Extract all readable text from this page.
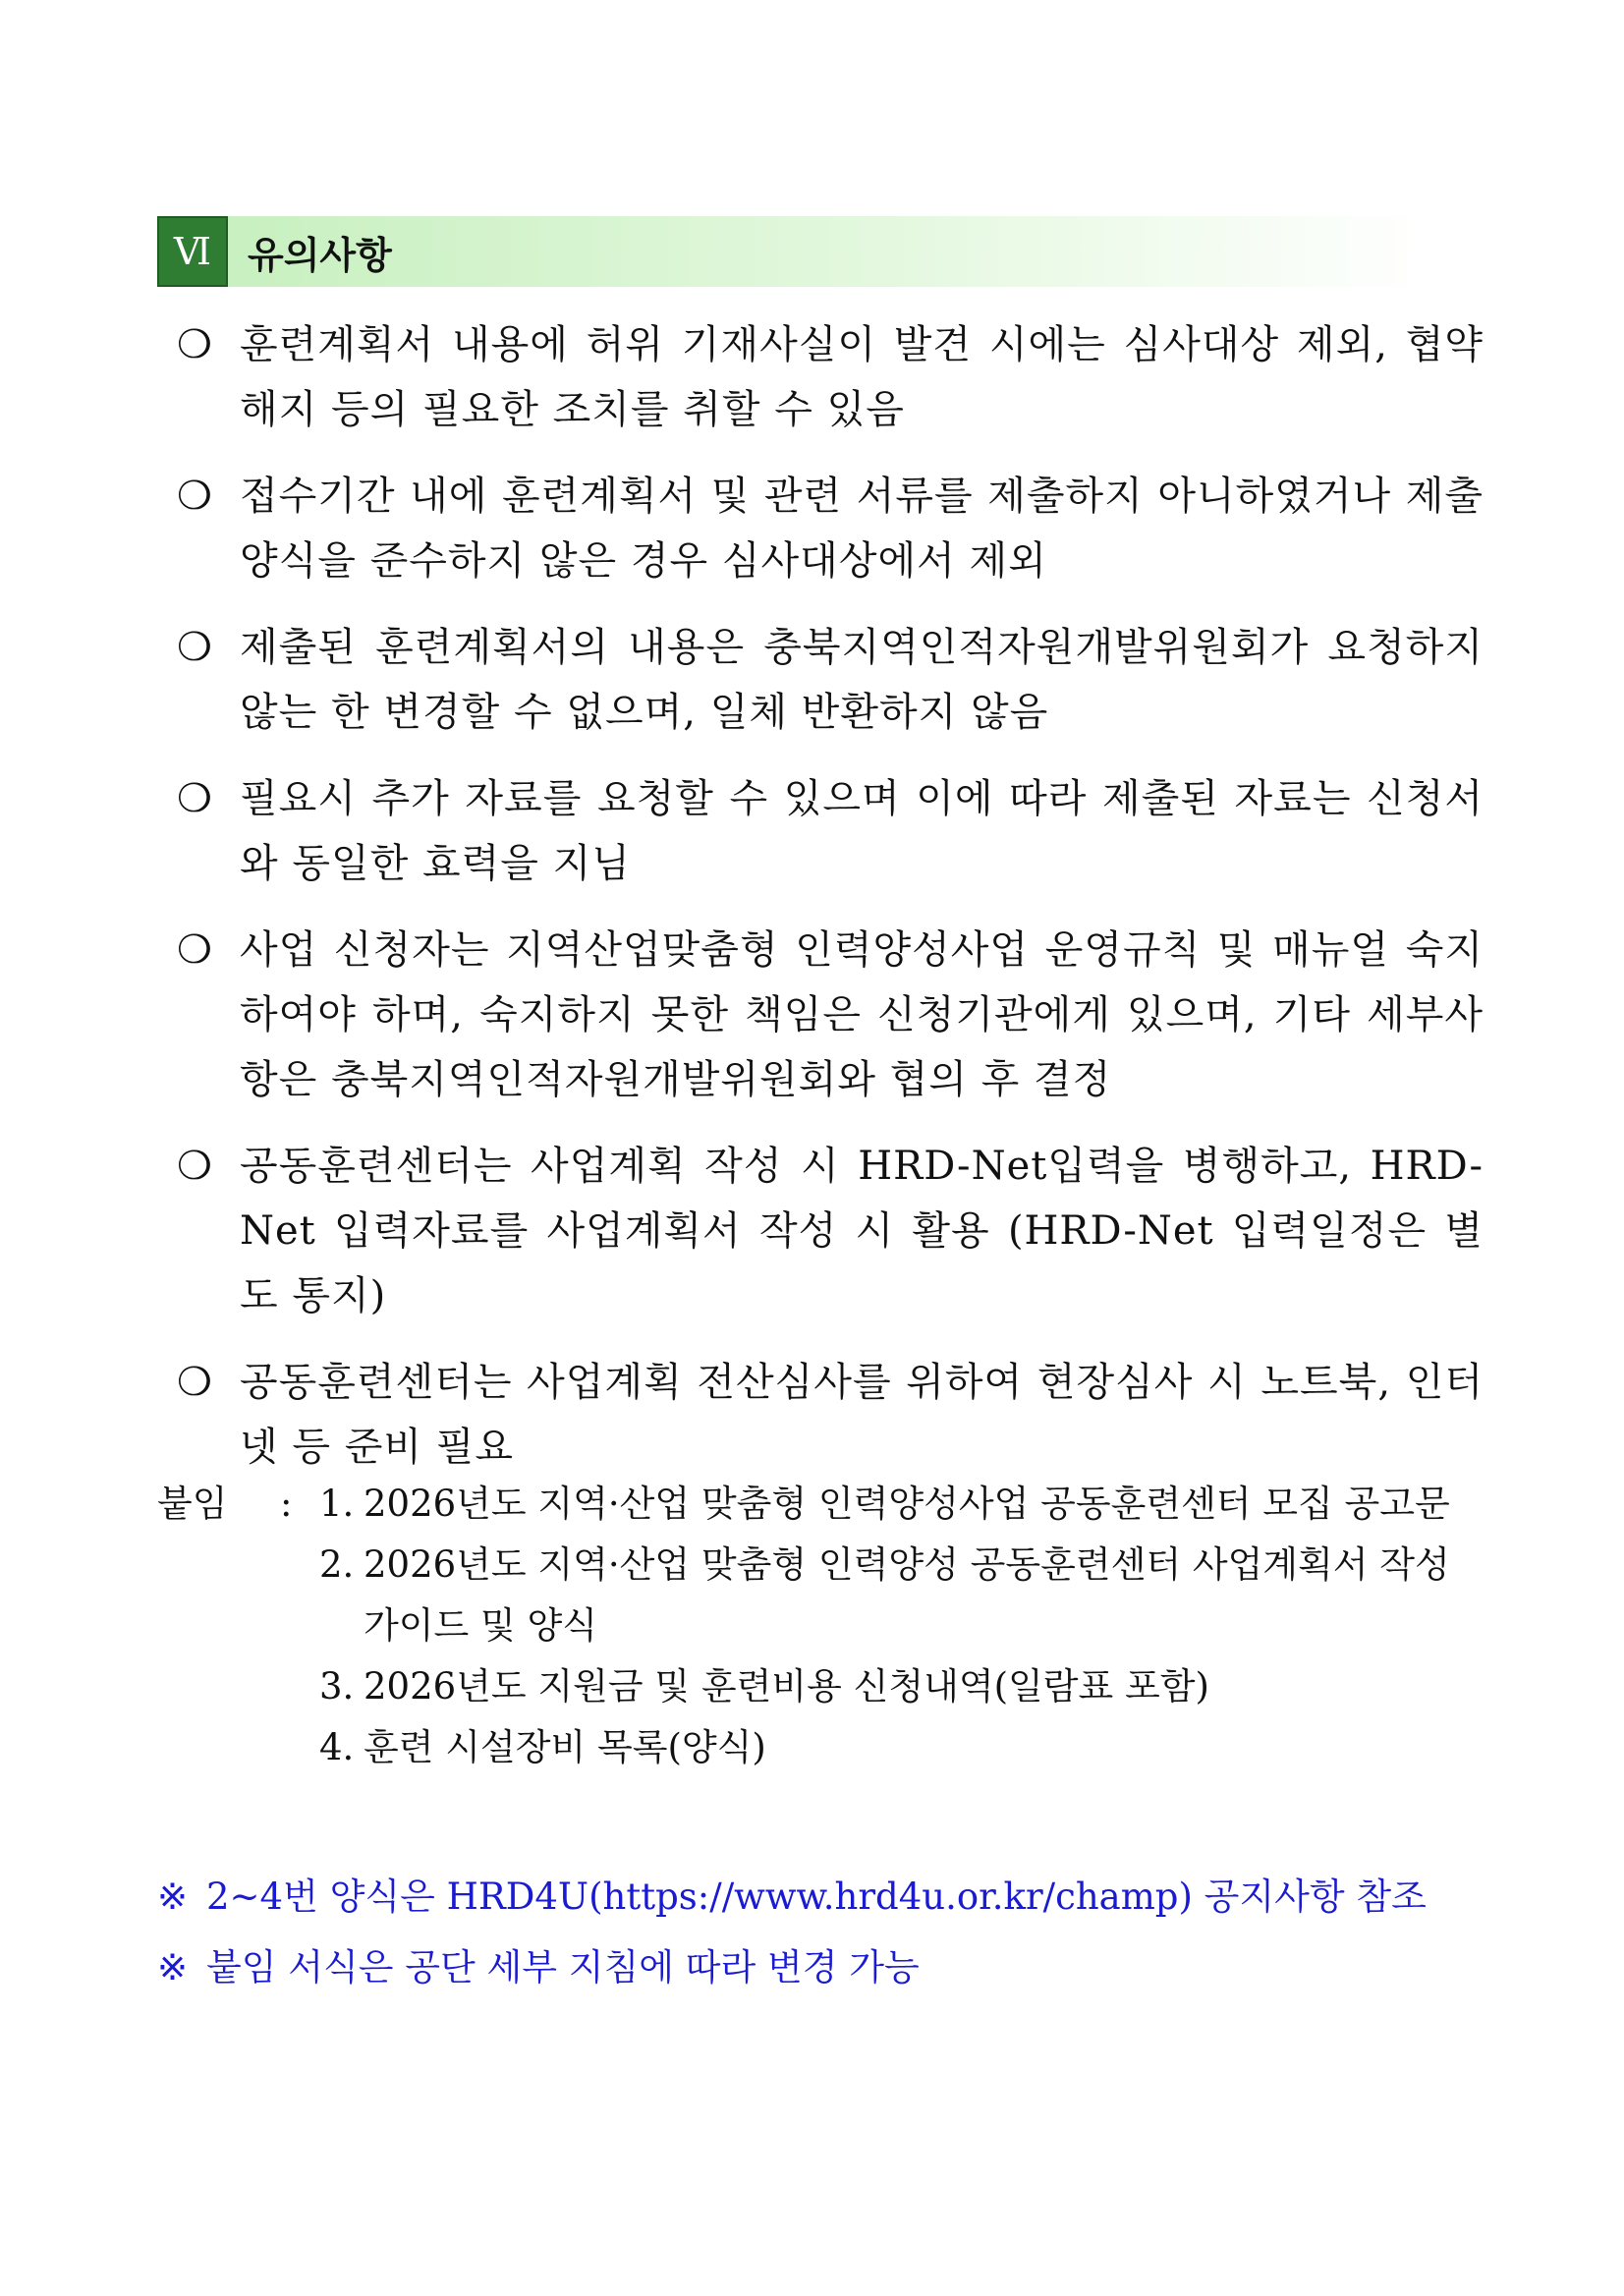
Ⅵ 유의사항
❍ 훈련계획서 내용에 허위 기재사실이 발견 시에는 심사대상 제외, 협약 해지 등의 필요한 조치를 취할 수 있음
❍ 접수기간 내에 훈련계획서 및 관련 서류를 제출하지 아니하였거나 제출양식을 준수하지 않은 경우 심사대상에서 제외
❍ 제출된 훈련계획서의 내용은 충북지역인적자원개발위원회가 요청하지 않는 한 변경할 수 없으며, 일체 반환하지 않음
❍ 필요시 추가 자료를 요청할 수 있으며 이에 따라 제출된 자료는 신청서와 동일한 효력을 지님
❍ 사업 신청자는 지역산업맞춤형 인력양성사업 운영규칙 및 매뉴얼 숙지하여야 하며, 숙지하지 못한 책임은 신청기관에게 있으며, 기타 세부사항은 충북지역인적자원개발위원회와 협의 후 결정
❍ 공동훈련센터는 사업계획 작성 시 HRD-Net입력을 병행하고, HRD-Net 입력자료를 사업계획서 작성 시 활용 (HRD-Net 입력일정은 별도 통지)
❍ 공동훈련센터는 사업계획 전산심사를 위하여 현장심사 시 노트북, 인터넷 등 준비 필요
붙임	: 1. 2026년도 지역·산업 맞춤형 인력양성사업 공동훈련센터 모집 공고문
2. 2026년도 지역·산업 맞춤형 인력양성 공동훈련센터 사업계획서 작성 가이드 및 양식
3. 2026년도 지원금 및 훈련비용 신청내역(일람표 포함)
4. 훈련 시설장비 목록(양식)
※ 2~4번 양식은 HRD4U(https://www.hrd4u.or.kr/champ) 공지사항 참조
※ 붙임 서식은 공단 세부 지침에 따라 변경 가능
